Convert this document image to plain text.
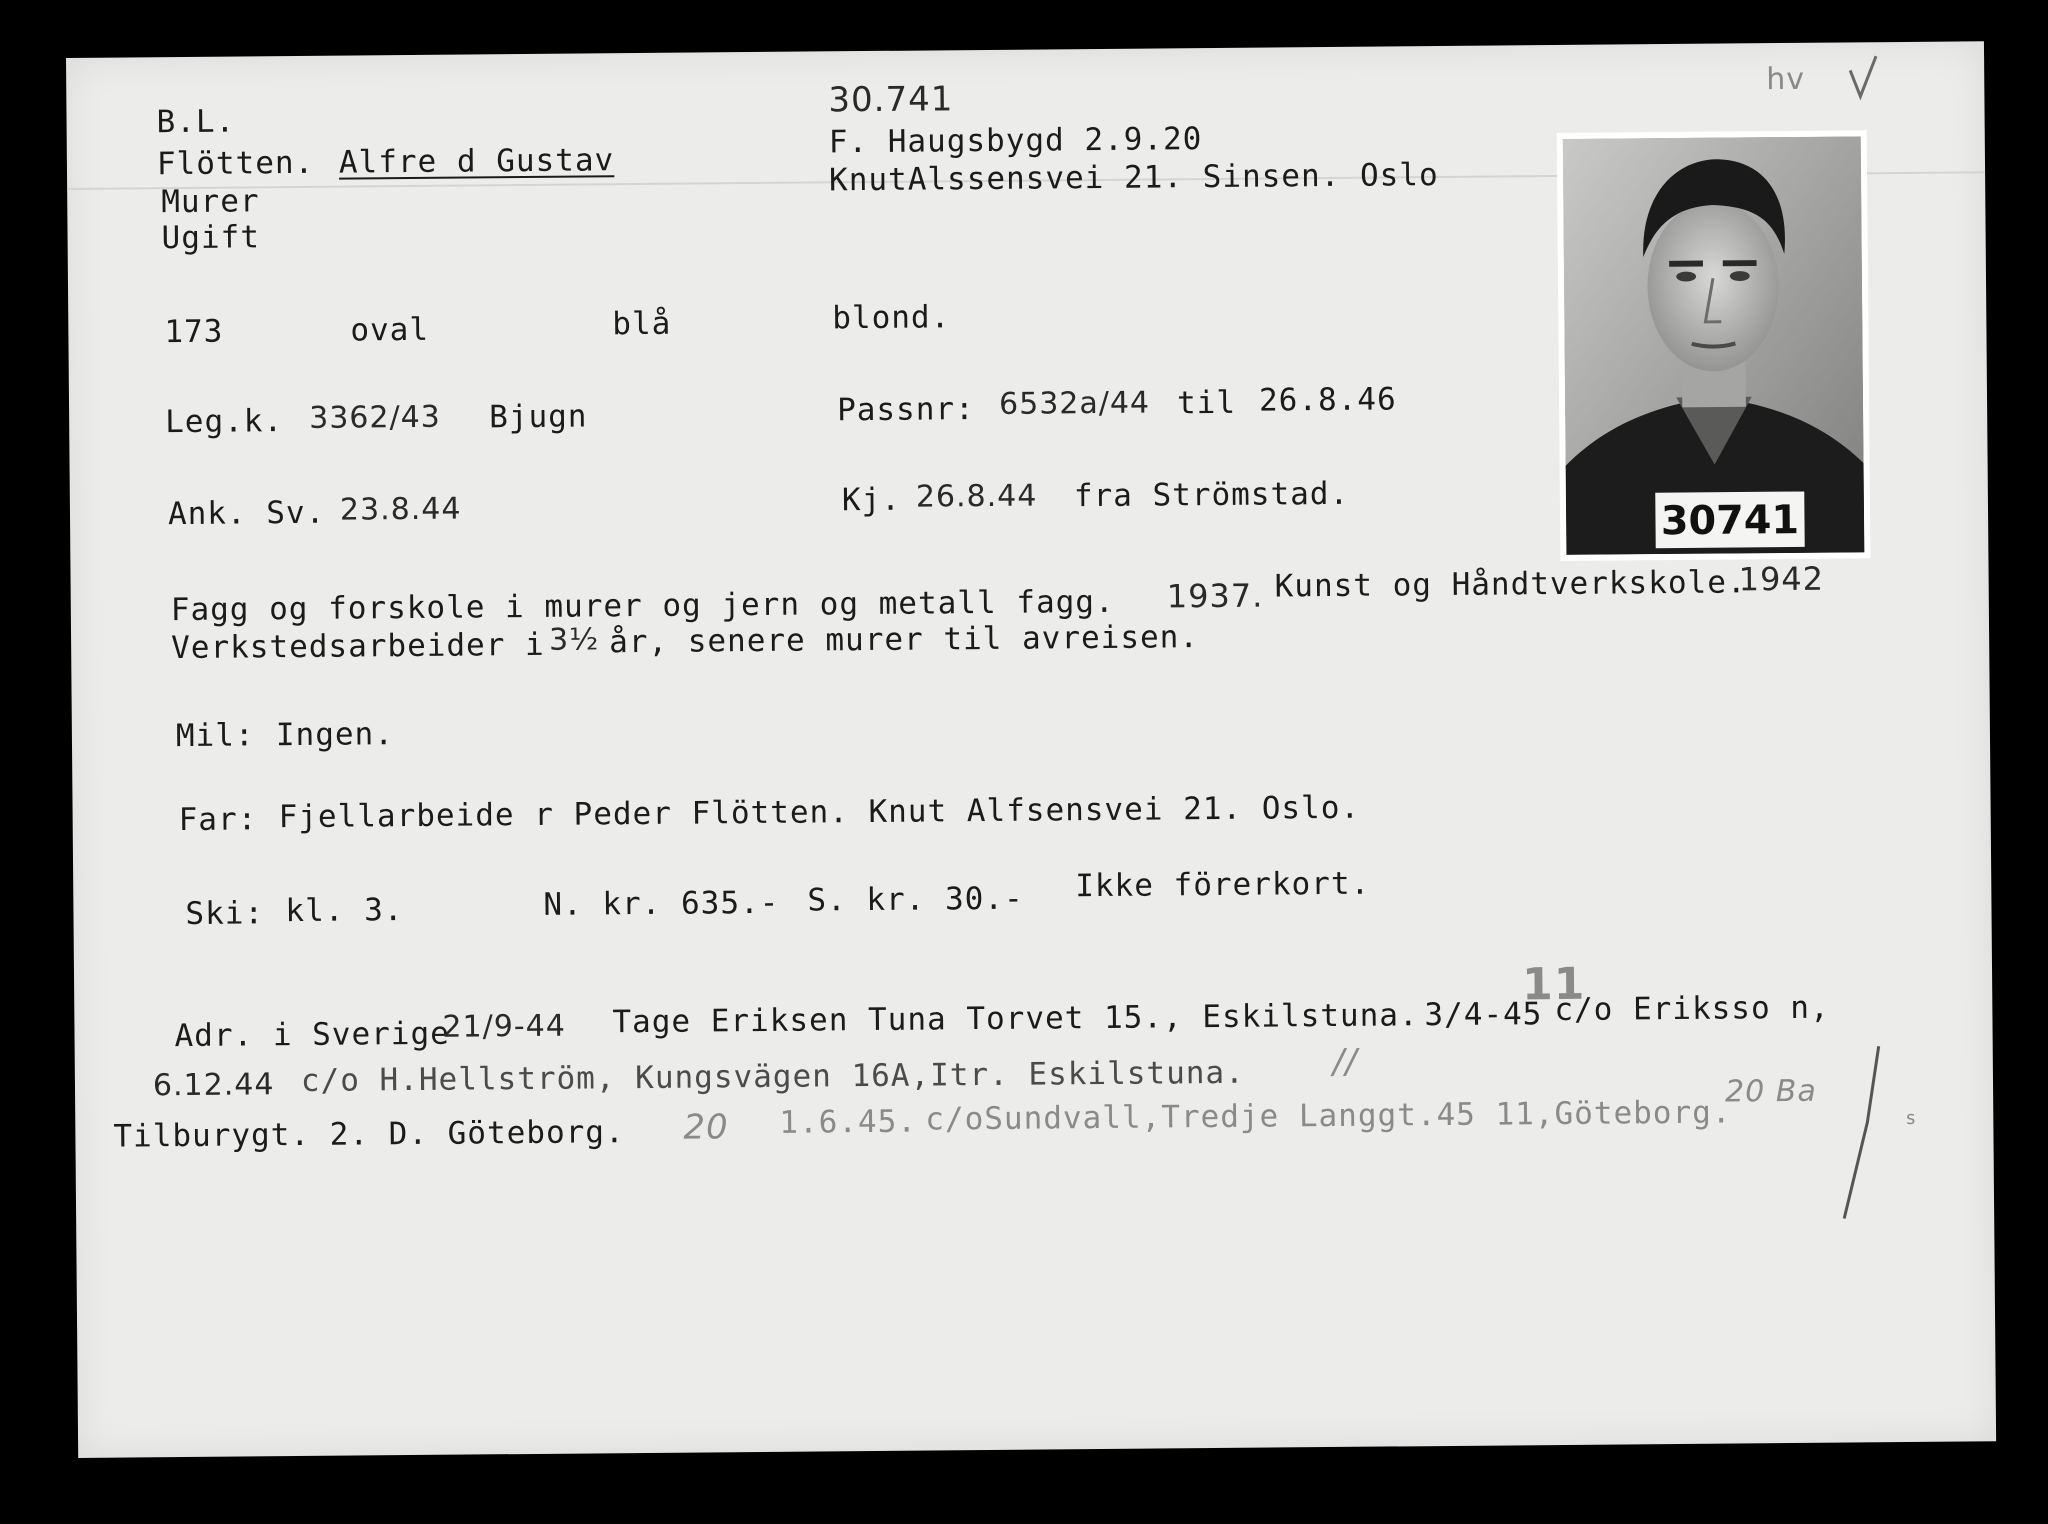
B.L.
Flötten. Alfre d Gustav
Murer
Ugift
30.741	hv
F. Haugsbygd 2.9.20
KnutAlssensvei 21. Sinsen. Oslo
173	oval	blå	blond.
Leg.k. 3362/43 Bjugn	Passnr: 6532a/44 til 26.8.46
Ank. Sv. 23.8.44	Kj. 26.8.44 fra Strömstad.
Fagg og forskole i murer og jern og metall fagg. 1937. Kunst og Håndtverkskole.
1942
Verkstedsarbeider i 3½ år, senere murer til avreisen.
Mil: Ingen.
Far: Fjellarbeide r Peder Flötten. Knut Alfsensvei 21. Oslo.
Ski: kl. 3.	N. kr. 635.- S. kr. 30.- Ikke förerkort.
11
Adr. i Sverige
21/9-44 Tage Eriksen Tuna Torvet 15., Eskilstuna. 3/4-45 c/o Eriksso n,
6.12.44 c/o H.Hellström, Kungsvägen 16A,Itr. Eskilstuna.	//
Tilburygt. 2. D. Göteborg. 20 1.6.45. c/oSundvall,Tredje Langgt.45 11,Göteborg.
20 Ba
s
30741
